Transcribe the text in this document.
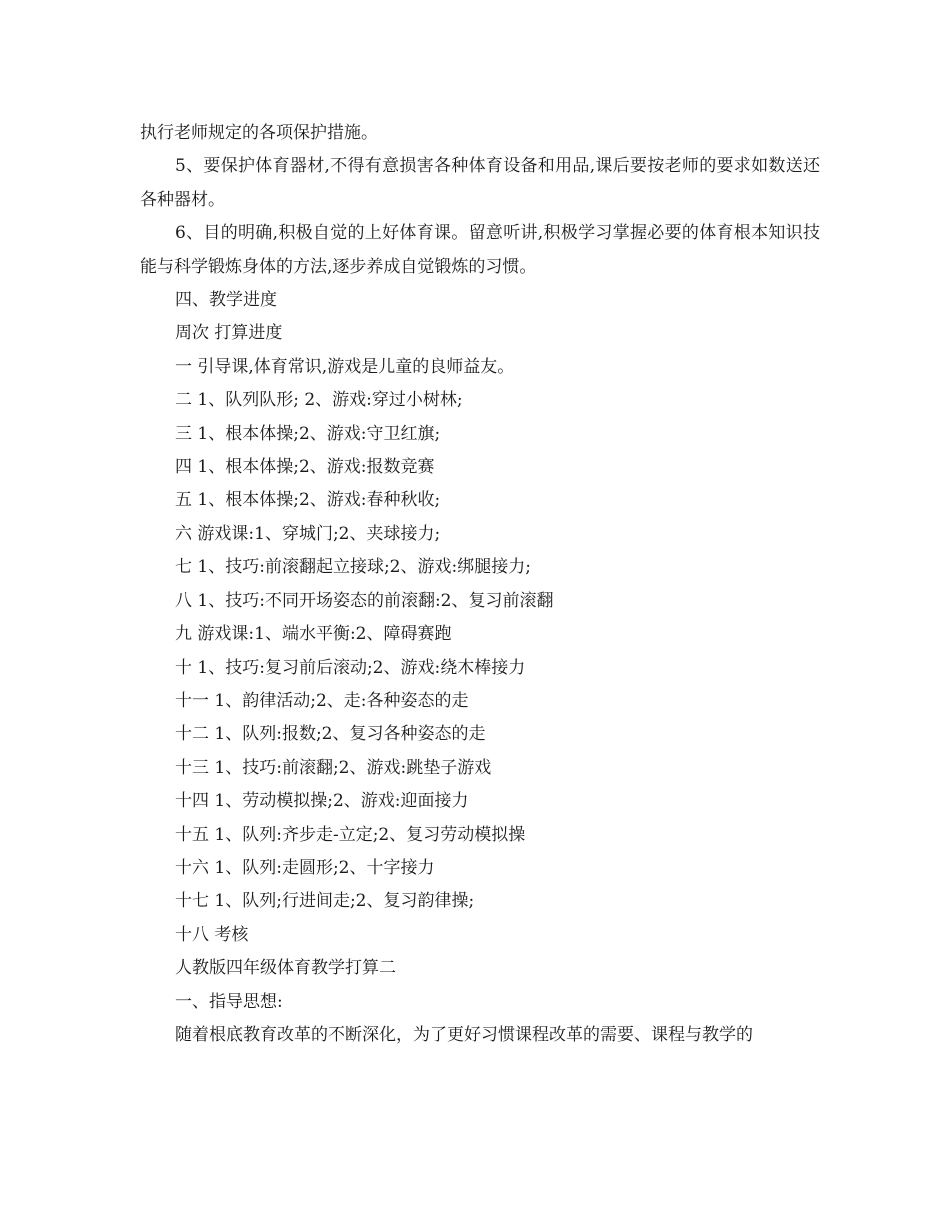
执行老师规定的各项保护措施。

5、要保护体育器材,不得有意损害各种体育设备和用品,课后要按老师的要求如数送还各种器材。

6、目的明确,积极自觉的上好体育课。留意听讲,积极学习掌握必要的体育根本知识技能与科学锻炼身体的方法,逐步养成自觉锻炼的习惯。

四、教学进度

周次 打算进度

一 引导课,体育常识,游戏是儿童的良师益友。

二 1、队列队形; 2、游戏:穿过小树林;

三 1、根本体操;2、游戏:守卫红旗;

四 1、根本体操;2、游戏:报数竞赛

五 1、根本体操;2、游戏:春种秋收;

六 游戏课:1、穿城门;2、夹球接力;

七 1、技巧:前滚翻起立接球;2、游戏:绑腿接力;

八 1、技巧:不同开场姿态的前滚翻:2、复习前滚翻

九 游戏课:1、端水平衡:2、障碍赛跑

十 1、技巧:复习前后滚动;2、游戏:绕木棒接力

十一 1、韵律活动;2、走:各种姿态的走

十二 1、队列:报数;2、复习各种姿态的走

十三 1、技巧:前滚翻;2、游戏:跳垫子游戏

十四 1、劳动模拟操;2、游戏:迎面接力

十五 1、队列:齐步走-立定;2、复习劳动模拟操

十六 1、队列:走圆形;2、十字接力

十七 1、队列;行进间走;2、复习韵律操;

十八 考核

人教版四年级体育教学打算二

一、指导思想:

随着根底教育改革的不断深化，为了更好习惯课程改革的需要、课程与教学的
